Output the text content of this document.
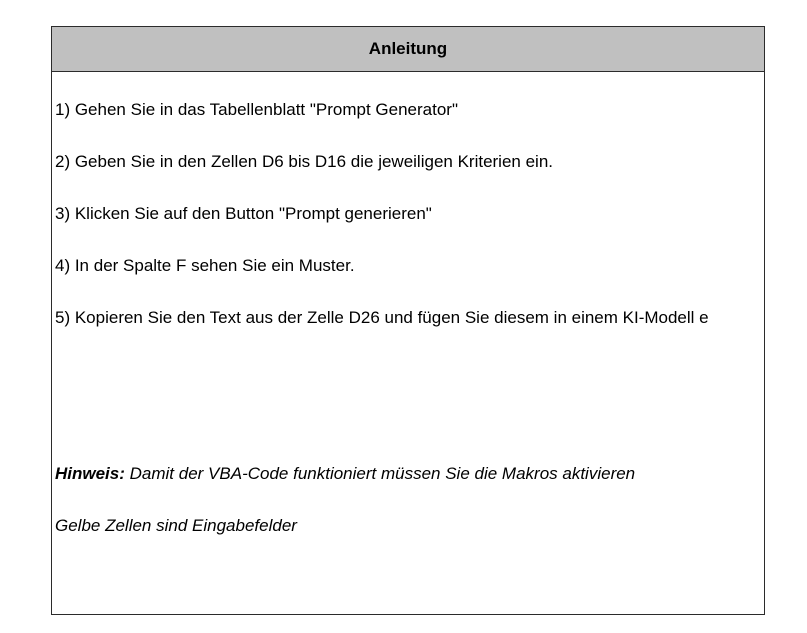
Anleitung
1) Gehen Sie in das Tabellenblatt "Prompt Generator"
2) Geben Sie in den Zellen D6 bis D16 die jeweiligen Kriterien ein.
3) Klicken Sie auf den Button "Prompt generieren"
4) In der Spalte F sehen Sie ein Muster.
5) Kopieren Sie den Text aus der Zelle D26 und fügen Sie diesem in einem KI-Modell e
Hinweis: Damit der VBA-Code funktioniert müssen Sie die Makros aktivieren
Gelbe Zellen sind Eingabefelder
